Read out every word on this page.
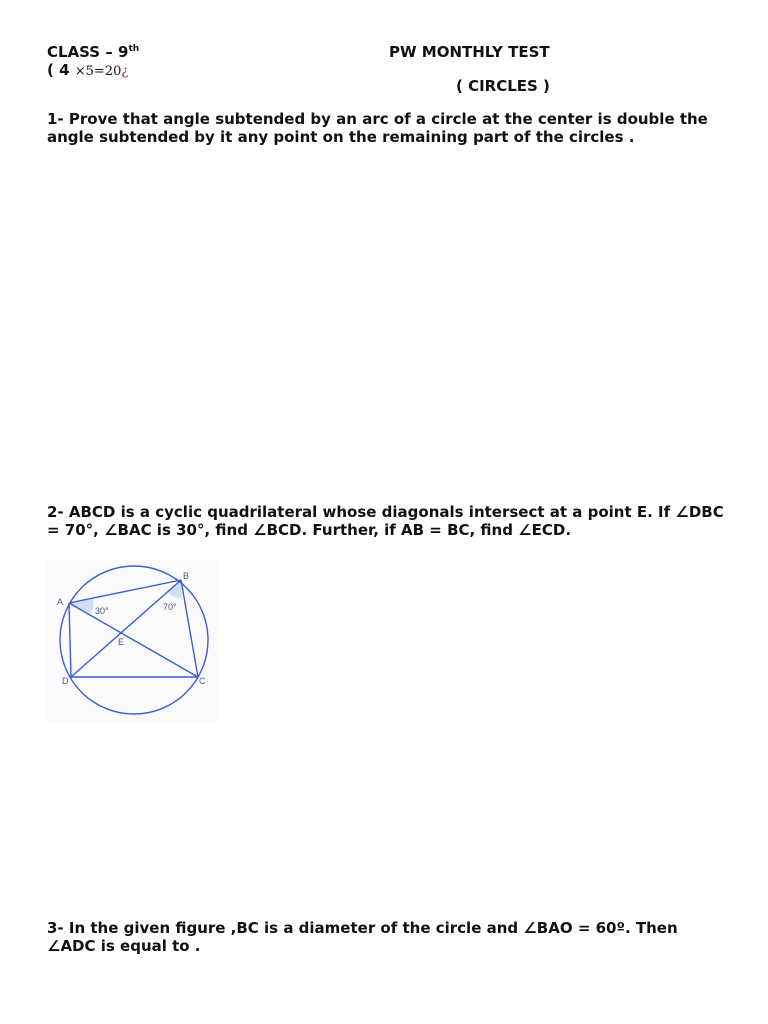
CLASS – 9th	PW MONTHLY TEST
( 4 ×5=20¿
( CIRCLES )
1- Prove that angle subtended by an arc of a circle at the center is double the angle subtended by it any point on the remaining part of the circles .
2- ABCD is a cyclic quadrilateral whose diagonals intersect at a point E. If ∠DBC = 70°, ∠BAC is 30°, find ∠BCD. Further, if AB = BC, find ∠ECD.
A
B
C
D
E
30°	70°
3- In the given figure ,BC is a diameter of the circle and ∠BAO = 60º. Then ∠ADC is equal to .
